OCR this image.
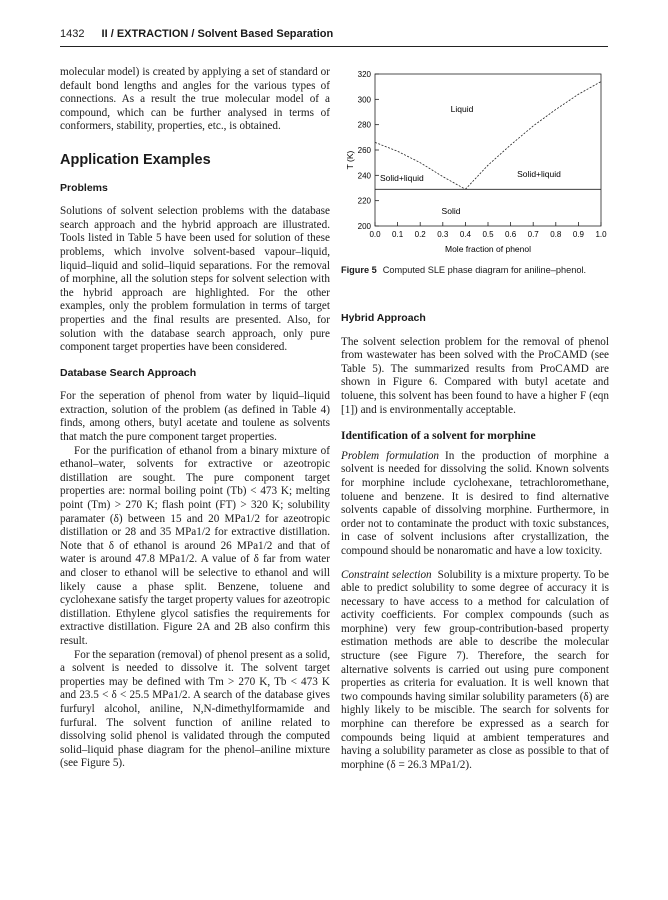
1432 II / EXTRACTION / Solvent Based Separation

molecular model) is created by applying a set of standard or default bond lengths and angles for the various types of connections. As a result the true molecular model of a compound, which can be further analysed in terms of conformers, stability, properties, etc., is obtained.

Application Examples
Problems

Solutions of solvent selection problems with the database search approach and the hybrid approach are illustrated. Tools listed in Table 5 have been used for solution of these problems, which involve solvent-based vapour–liquid, liquid–liquid and solid–liquid separations. For the removal of morphine, all the solution steps for solvent selection with the hybrid approach are highlighted. For the other examples, only the problem formulation in terms of target properties and the final results are presented. Also, for solution with the database search approach, only pure component target properties have been considered.

Database Search Approach

For the seperation of phenol from water by liquid–liquid extraction, solution of the problem (as defined in Table 4) finds, among others, butyl acetate and toulene as solvents that match the pure component target properties.

For the purification of ethanol from a binary mixture of ethanol–water, solvents for extractive or azeotropic distillation are sought. The pure component target properties are: normal boiling point (Tb) < 473 K; melting point (Tm) > 270 K; flash point (FT) > 320 K; solubility paramater (δ) between 15 and 20 MPa1/2 for azeotropic distillation or 28 and 35 MPa1/2 for extractive distillation. Note that δ of ethanol is around 26 MPa1/2 and that of water is around 47.8 MPa1/2. A value of δ far from water and closer to ethanol will be selective to ethanol and will likely cause a phase split. Benzene, toluene and cyclohexane satisfy the target property values for azeotropic distillation. Ethylene glycol satisfies the requirements for extractive distillation. Figure 2A and 2B also confirm this result.

For the separation (removal) of phenol present as a solid, a solvent is needed to dissolve it. The solvent target properties may be defined with Tm > 270 K, Tb < 473 K and 23.5 < δ < 25.5 MPa1/2. A search of the database gives furfuryl alcohol, aniline, N,N-dimethylformamide and furfural. The solvent function of aniline related to dissolving solid phenol is validated through the computed solid–liquid phase diagram for the phenol–aniline mixture (see Figure 5).

200
220
240
260
280
300
320
0.0 0.1 0.2 0.3 0.4 0.5 0.6 0.7 0.8 0.9 1.0
T (K)
Mole fraction of phenol
Liquid
Solid+liquid	Solid+liquid
Solid
Figure 5 Computed SLE phase diagram for aniline–phenol.
Hybrid Approach

The solvent selection problem for the removal of phenol from wastewater has been solved with the ProCAMD (see Table 5). The summarized results from ProCAMD are shown in Figure 6. Compared with butyl acetate and toluene, this solvent has been found to have a higher F (eqn [1]) and is environmentally acceptable.

Identification of a solvent for morphine

Problem formulation In the production of morphine a solvent is needed for dissolving the solid. Known solvents for morphine include cyclohexane, tetrachloromethane, toluene and benzene. It is desired to find alternative solvents capable of dissolving morphine. Furthermore, in order not to contaminate the product with toxic substances, in case of solvent inclusions after crystallization, the compound should be nonaromatic and have a low toxicity.

Constraint selection Solubility is a mixture property. To be able to predict solubility to some degree of accuracy it is necessary to have access to a method for calculation of activity coefficients. For complex compounds (such as morphine) very few group-contribution-based property estimation methods are able to describe the molecular structure (see Figure 7). Therefore, the search for alternative solvents is carried out using pure component properties as criteria for evaluation. It is well known that two compounds having similar solubility parameters (δ) are highly likely to be miscible. The search for solvents for morphine can therefore be expressed as a search for compounds being liquid at ambient temperatures and having a solubility parameter as close as possible to that of morphine (δ = 26.3 MPa1/2).
